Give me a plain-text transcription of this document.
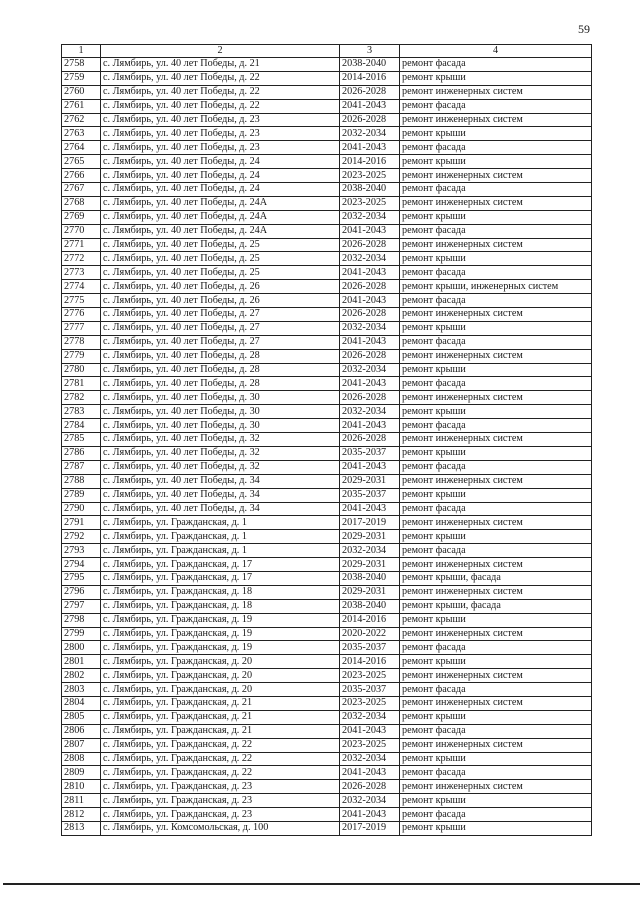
59
1	2	3	4
2758	с. Лямбирь, ул. 40 лет Победы, д. 21	2038-2040	ремонт фасада
2759	с. Лямбирь, ул. 40 лет Победы, д. 22	2014-2016	ремонт крыши
2760	с. Лямбирь, ул. 40 лет Победы, д. 22	2026-2028	ремонт инженерных систем
2761	с. Лямбирь, ул. 40 лет Победы, д. 22	2041-2043	ремонт фасада
2762	с. Лямбирь, ул. 40 лет Победы, д. 23	2026-2028	ремонт инженерных систем
2763	с. Лямбирь, ул. 40 лет Победы, д. 23	2032-2034	ремонт крыши
2764	с. Лямбирь, ул. 40 лет Победы, д. 23	2041-2043	ремонт фасада
2765	с. Лямбирь, ул. 40 лет Победы, д. 24	2014-2016	ремонт крыши
2766	с. Лямбирь, ул. 40 лет Победы, д. 24	2023-2025	ремонт инженерных систем
2767	с. Лямбирь, ул. 40 лет Победы, д. 24	2038-2040	ремонт фасада
2768	с. Лямбирь, ул. 40 лет Победы, д. 24А	2023-2025	ремонт инженерных систем
2769	с. Лямбирь, ул. 40 лет Победы, д. 24А	2032-2034	ремонт крыши
2770	с. Лямбирь, ул. 40 лет Победы, д. 24А	2041-2043	ремонт фасада
2771	с. Лямбирь, ул. 40 лет Победы, д. 25	2026-2028	ремонт инженерных систем
2772	с. Лямбирь, ул. 40 лет Победы, д. 25	2032-2034	ремонт крыши
2773	с. Лямбирь, ул. 40 лет Победы, д. 25	2041-2043	ремонт фасада
2774	с. Лямбирь, ул. 40 лет Победы, д. 26	2026-2028	ремонт крыши, инженерных систем
2775	с. Лямбирь, ул. 40 лет Победы, д. 26	2041-2043	ремонт фасада
2776	с. Лямбирь, ул. 40 лет Победы, д. 27	2026-2028	ремонт инженерных систем
2777	с. Лямбирь, ул. 40 лет Победы, д. 27	2032-2034	ремонт крыши
2778	с. Лямбирь, ул. 40 лет Победы, д. 27	2041-2043	ремонт фасада
2779	с. Лямбирь, ул. 40 лет Победы, д. 28	2026-2028	ремонт инженерных систем
2780	с. Лямбирь, ул. 40 лет Победы, д. 28	2032-2034	ремонт крыши
2781	с. Лямбирь, ул. 40 лет Победы, д. 28	2041-2043	ремонт фасада
2782	с. Лямбирь, ул. 40 лет Победы, д. 30	2026-2028	ремонт инженерных систем
2783	с. Лямбирь, ул. 40 лет Победы, д. 30	2032-2034	ремонт крыши
2784	с. Лямбирь, ул. 40 лет Победы, д. 30	2041-2043	ремонт фасада
2785	с. Лямбирь, ул. 40 лет Победы, д. 32	2026-2028	ремонт инженерных систем
2786	с. Лямбирь, ул. 40 лет Победы, д. 32	2035-2037	ремонт крыши
2787	с. Лямбирь, ул. 40 лет Победы, д. 32	2041-2043	ремонт фасада
2788	с. Лямбирь, ул. 40 лет Победы, д. 34	2029-2031	ремонт инженерных систем
2789	с. Лямбирь, ул. 40 лет Победы, д. 34	2035-2037	ремонт крыши
2790	с. Лямбирь, ул. 40 лет Победы, д. 34	2041-2043	ремонт фасада
2791	с. Лямбирь, ул. Гражданская, д. 1	2017-2019	ремонт инженерных систем
2792	с. Лямбирь, ул. Гражданская, д. 1	2029-2031	ремонт крыши
2793	с. Лямбирь, ул. Гражданская, д. 1	2032-2034	ремонт фасада
2794	с. Лямбирь, ул. Гражданская, д. 17	2029-2031	ремонт инженерных систем
2795	с. Лямбирь, ул. Гражданская, д. 17	2038-2040	ремонт крыши, фасада
2796	с. Лямбирь, ул. Гражданская, д. 18	2029-2031	ремонт инженерных систем
2797	с. Лямбирь, ул. Гражданская, д. 18	2038-2040	ремонт крыши, фасада
2798	с. Лямбирь, ул. Гражданская, д. 19	2014-2016	ремонт крыши
2799	с. Лямбирь, ул. Гражданская, д. 19	2020-2022	ремонт инженерных систем
2800	с. Лямбирь, ул. Гражданская, д. 19	2035-2037	ремонт фасада
2801	с. Лямбирь, ул. Гражданская, д. 20	2014-2016	ремонт крыши
2802	с. Лямбирь, ул. Гражданская, д. 20	2023-2025	ремонт инженерных систем
2803	с. Лямбирь, ул. Гражданская, д. 20	2035-2037	ремонт фасада
2804	с. Лямбирь, ул. Гражданская, д. 21	2023-2025	ремонт инженерных систем
2805	с. Лямбирь, ул. Гражданская, д. 21	2032-2034	ремонт крыши
2806	с. Лямбирь, ул. Гражданская, д. 21	2041-2043	ремонт фасада
2807	с. Лямбирь, ул. Гражданская, д. 22	2023-2025	ремонт инженерных систем
2808	с. Лямбирь, ул. Гражданская, д. 22	2032-2034	ремонт крыши
2809	с. Лямбирь, ул. Гражданская, д. 22	2041-2043	ремонт фасада
2810	с. Лямбирь, ул. Гражданская, д. 23	2026-2028	ремонт инженерных систем
2811	с. Лямбирь, ул. Гражданская, д. 23	2032-2034	ремонт крыши
2812	с. Лямбирь, ул. Гражданская, д. 23	2041-2043	ремонт фасада
2813	с. Лямбирь, ул. Комсомольская, д. 100	2017-2019	ремонт крыши
